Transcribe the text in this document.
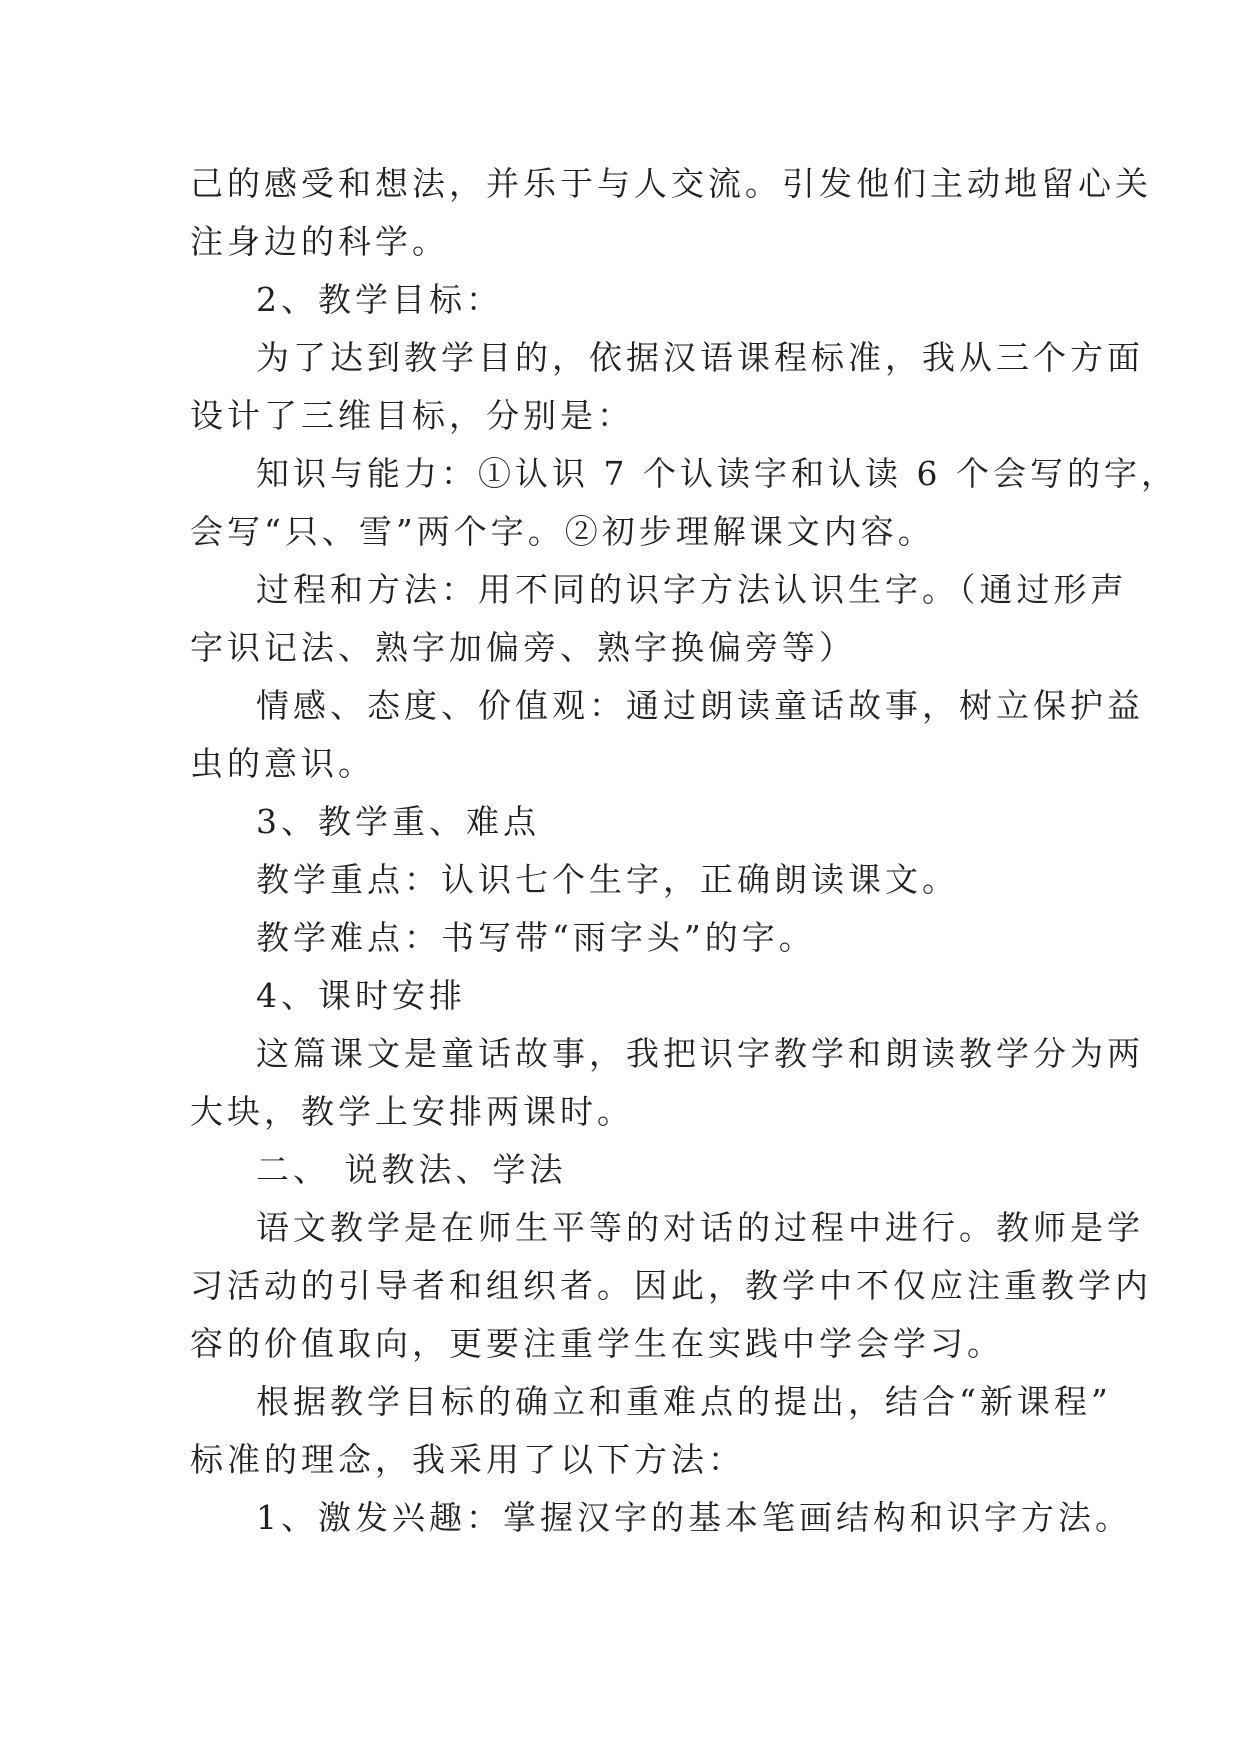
己的感受和想法，并乐于与人交流。引发他们主动地留心关

注身边的科学。

2、教学目标：

为了达到教学目的，依据汉语课程标准，我从三个方面

设计了三维目标，分别是：

知识与能力：①认识 7 个认读字和认读 6 个会写的字，

会写“只、雪”两个字。②初步理解课文内容。

过程和方法：用不同的识字方法认识生字。（通过形声

字识记法、熟字加偏旁、熟字换偏旁等）

情感、态度、价值观：通过朗读童话故事，树立保护益

虫的意识。

3、教学重、难点

教学重点：认识七个生字，正确朗读课文。

教学难点：书写带“雨字头”的字。

4、课时安排

这篇课文是童话故事，我把识字教学和朗读教学分为两

大块，教学上安排两课时。

二、 说教法、学法

语文教学是在师生平等的对话的过程中进行。教师是学

习活动的引导者和组织者。因此，教学中不仅应注重教学内

容的价值取向，更要注重学生在实践中学会学习。

根据教学目标的确立和重难点的提出，结合“新课程”

标准的理念，我采用了以下方法：

1、激发兴趣：掌握汉字的基本笔画结构和识字方法。
